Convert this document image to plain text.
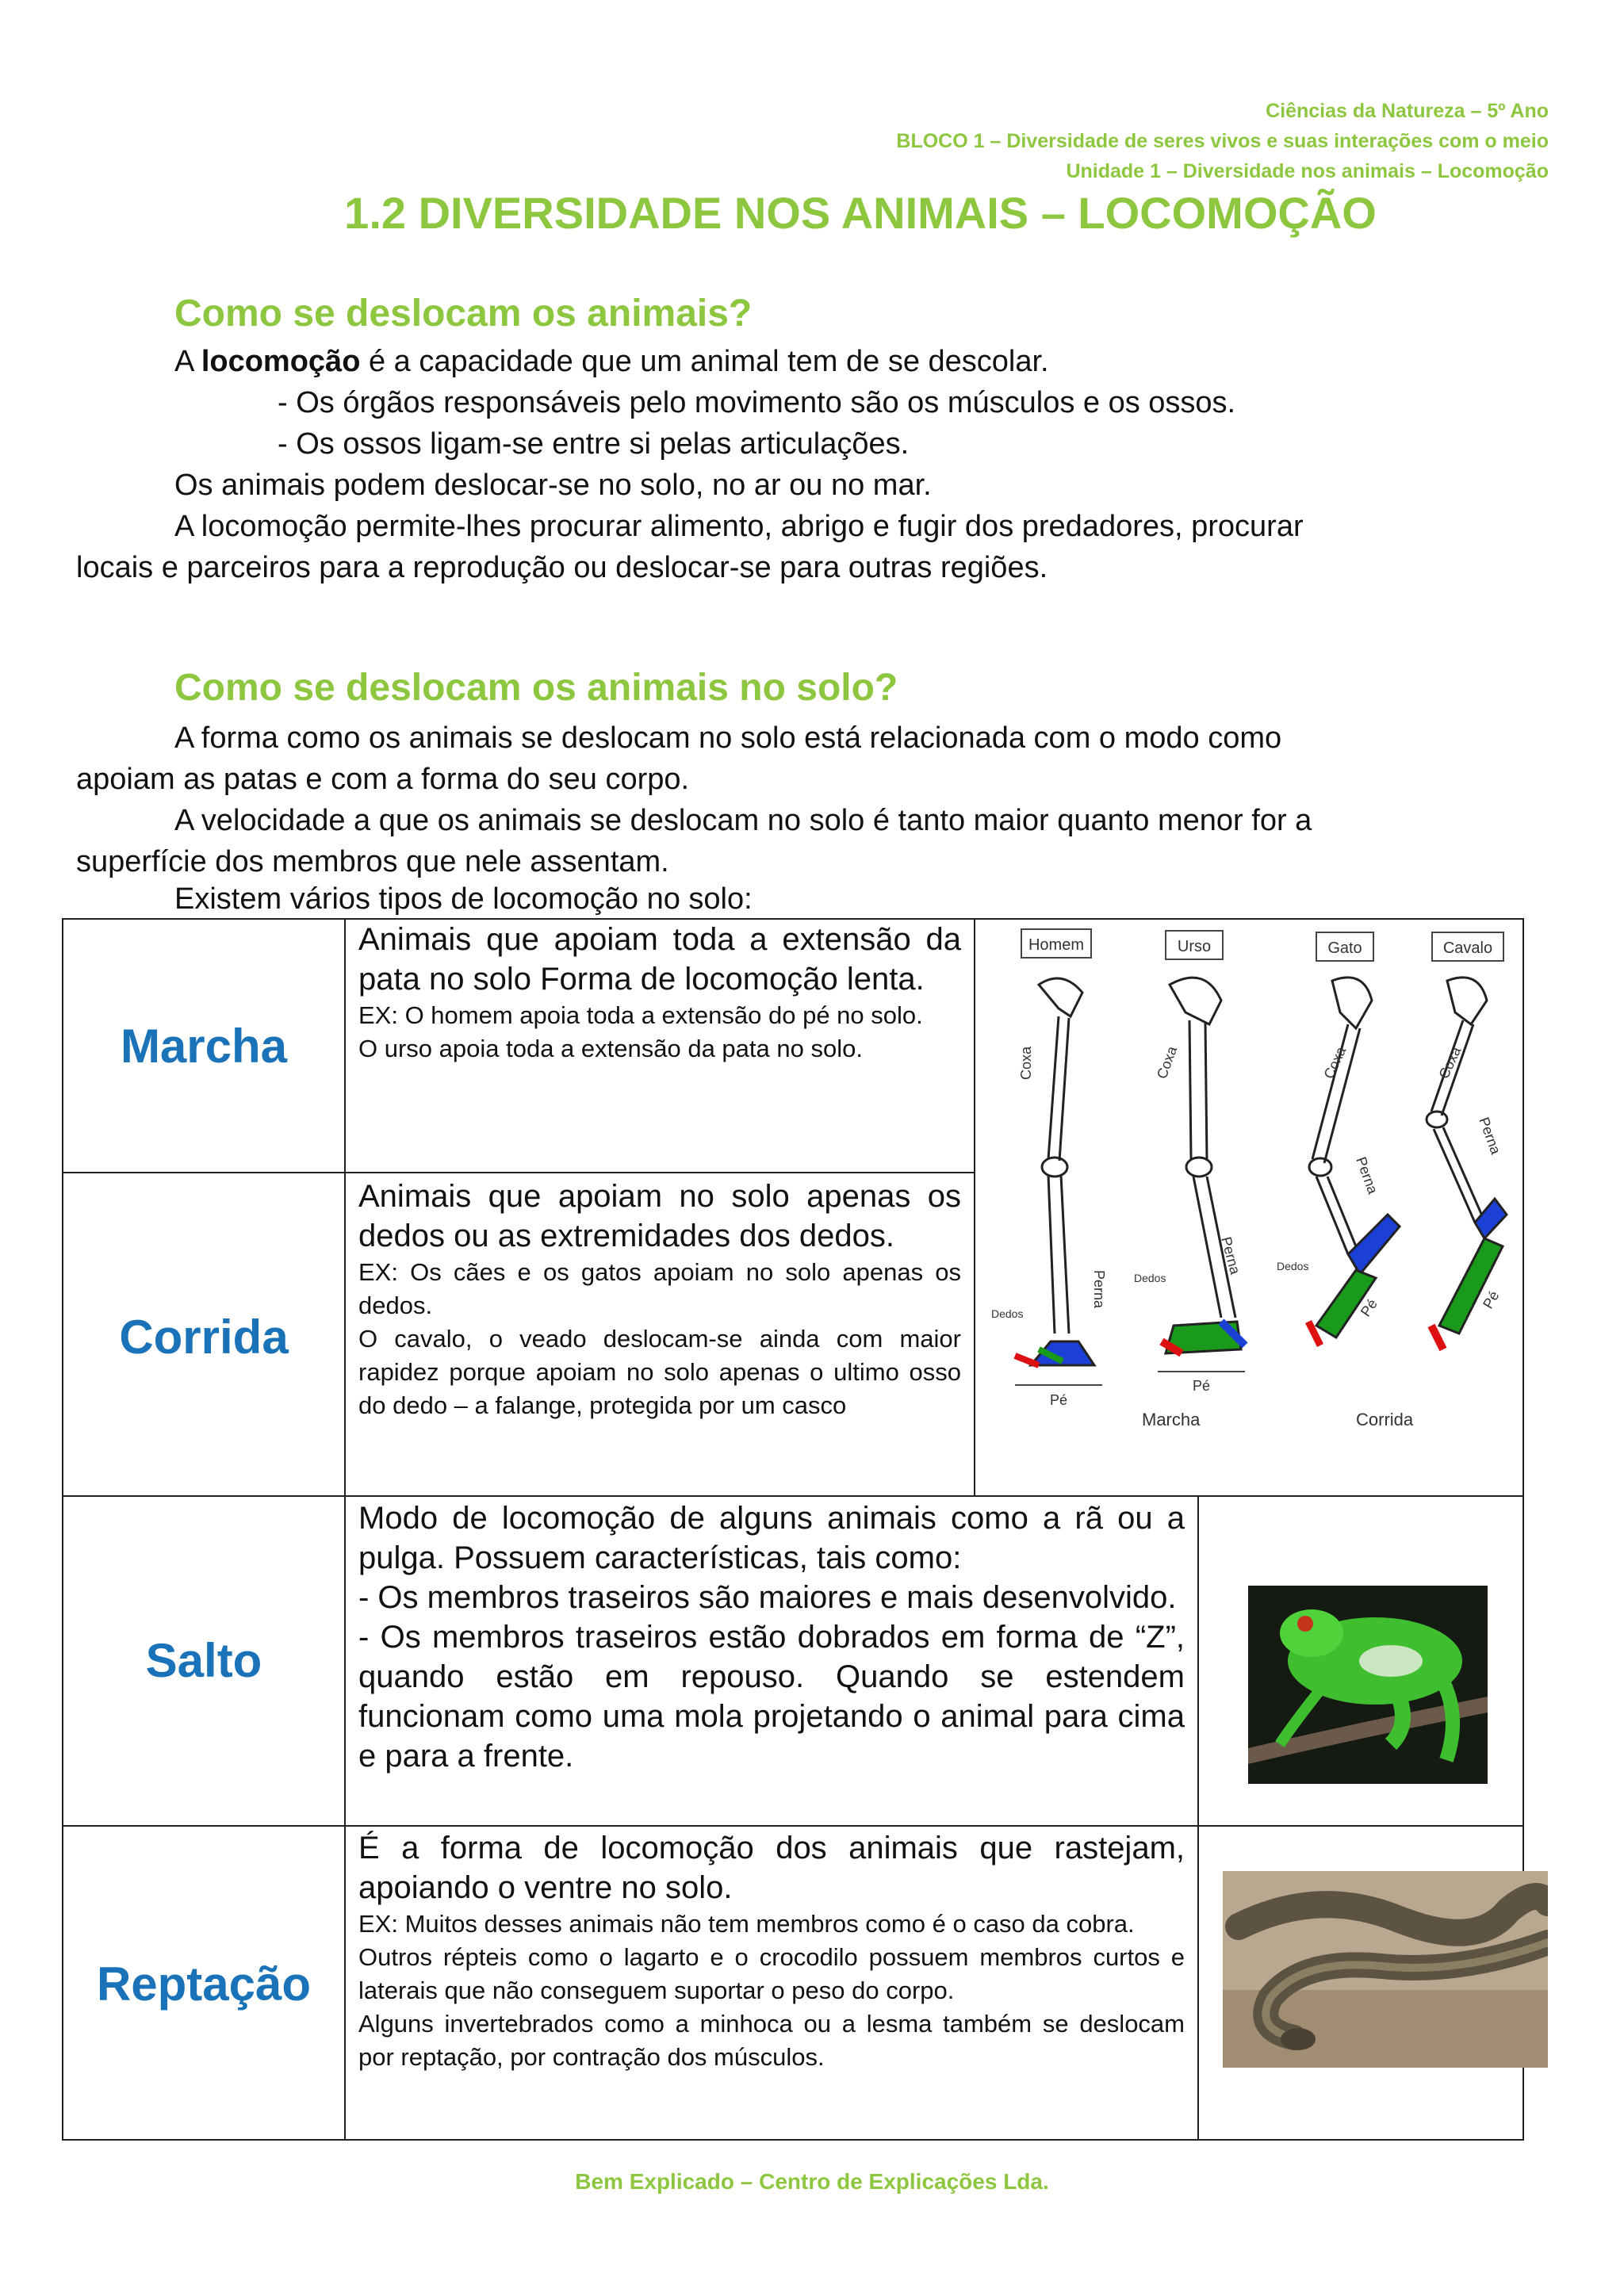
Ciências da Natureza – 5º Ano
BLOCO 1 – Diversidade de seres vivos e suas interações com o meio
Unidade 1 – Diversidade nos animais – Locomoção
1.2 DIVERSIDADE NOS ANIMAIS – LOCOMOÇÃO
Como se deslocam os animais?
A locomoção é a capacidade que um animal tem de se descolar.
- Os órgãos responsáveis pelo movimento são os músculos e os ossos.
- Os ossos ligam-se entre si pelas articulações.
Os animais podem deslocar-se no solo, no ar ou no mar.
A locomoção permite-lhes procurar alimento, abrigo e fugir dos predadores, procurar
locais e parceiros para a reprodução ou deslocar-se para outras regiões.
Como se deslocam os animais no solo?
A forma como os animais se deslocam no solo está relacionada com o modo como
apoiam as patas e com a forma do seu corpo.
A velocidade a que os animais se deslocam no solo é tanto maior quanto menor for a
superfície dos membros que nele assentam.
Existem vários tipos de locomoção no solo:
Marcha
Animais que apoiam toda a extensão da pata no solo Forma de locomoção lenta.
EX: O homem apoia toda a extensão do pé no solo.
O urso apoia toda a extensão da pata no solo.
Corrida
Animais que apoiam no solo apenas os dedos ou as extremidades dos dedos.
EX: Os cães e os gatos apoiam no solo apenas os dedos.
O cavalo, o veado deslocam-se ainda com maior rapidez porque apoiam no solo apenas o ultimo osso do dedo – a falange, protegida por um casco
Homem	Urso	Gato	Cavalo
Coxa
Perna
Dedos
Pé
Coxa
Perna
Dedos
Pé
Coxa
Perna
Dedos
Pé
Coxa
Perna
Pé
Marcha	Corrida
Salto
Modo de locomoção de alguns animais como a rã ou a pulga. Possuem características, tais como:
- Os membros traseiros são maiores e mais desenvolvido.
- Os membros traseiros estão dobrados em forma de “Z”, quando estão em repouso. Quando se estendem funcionam como uma mola projetando o animal para cima e para a frente.
Reptação
É a forma de locomoção dos animais que rastejam, apoiando o ventre no solo.
EX: Muitos desses animais não tem membros como é o caso da cobra.
Outros répteis como o lagarto e o crocodilo possuem membros curtos e laterais que não conseguem suportar o peso do corpo.
Alguns invertebrados como a minhoca ou a lesma também se deslocam por reptação, por contração dos músculos.
Bem Explicado – Centro de Explicações Lda.
